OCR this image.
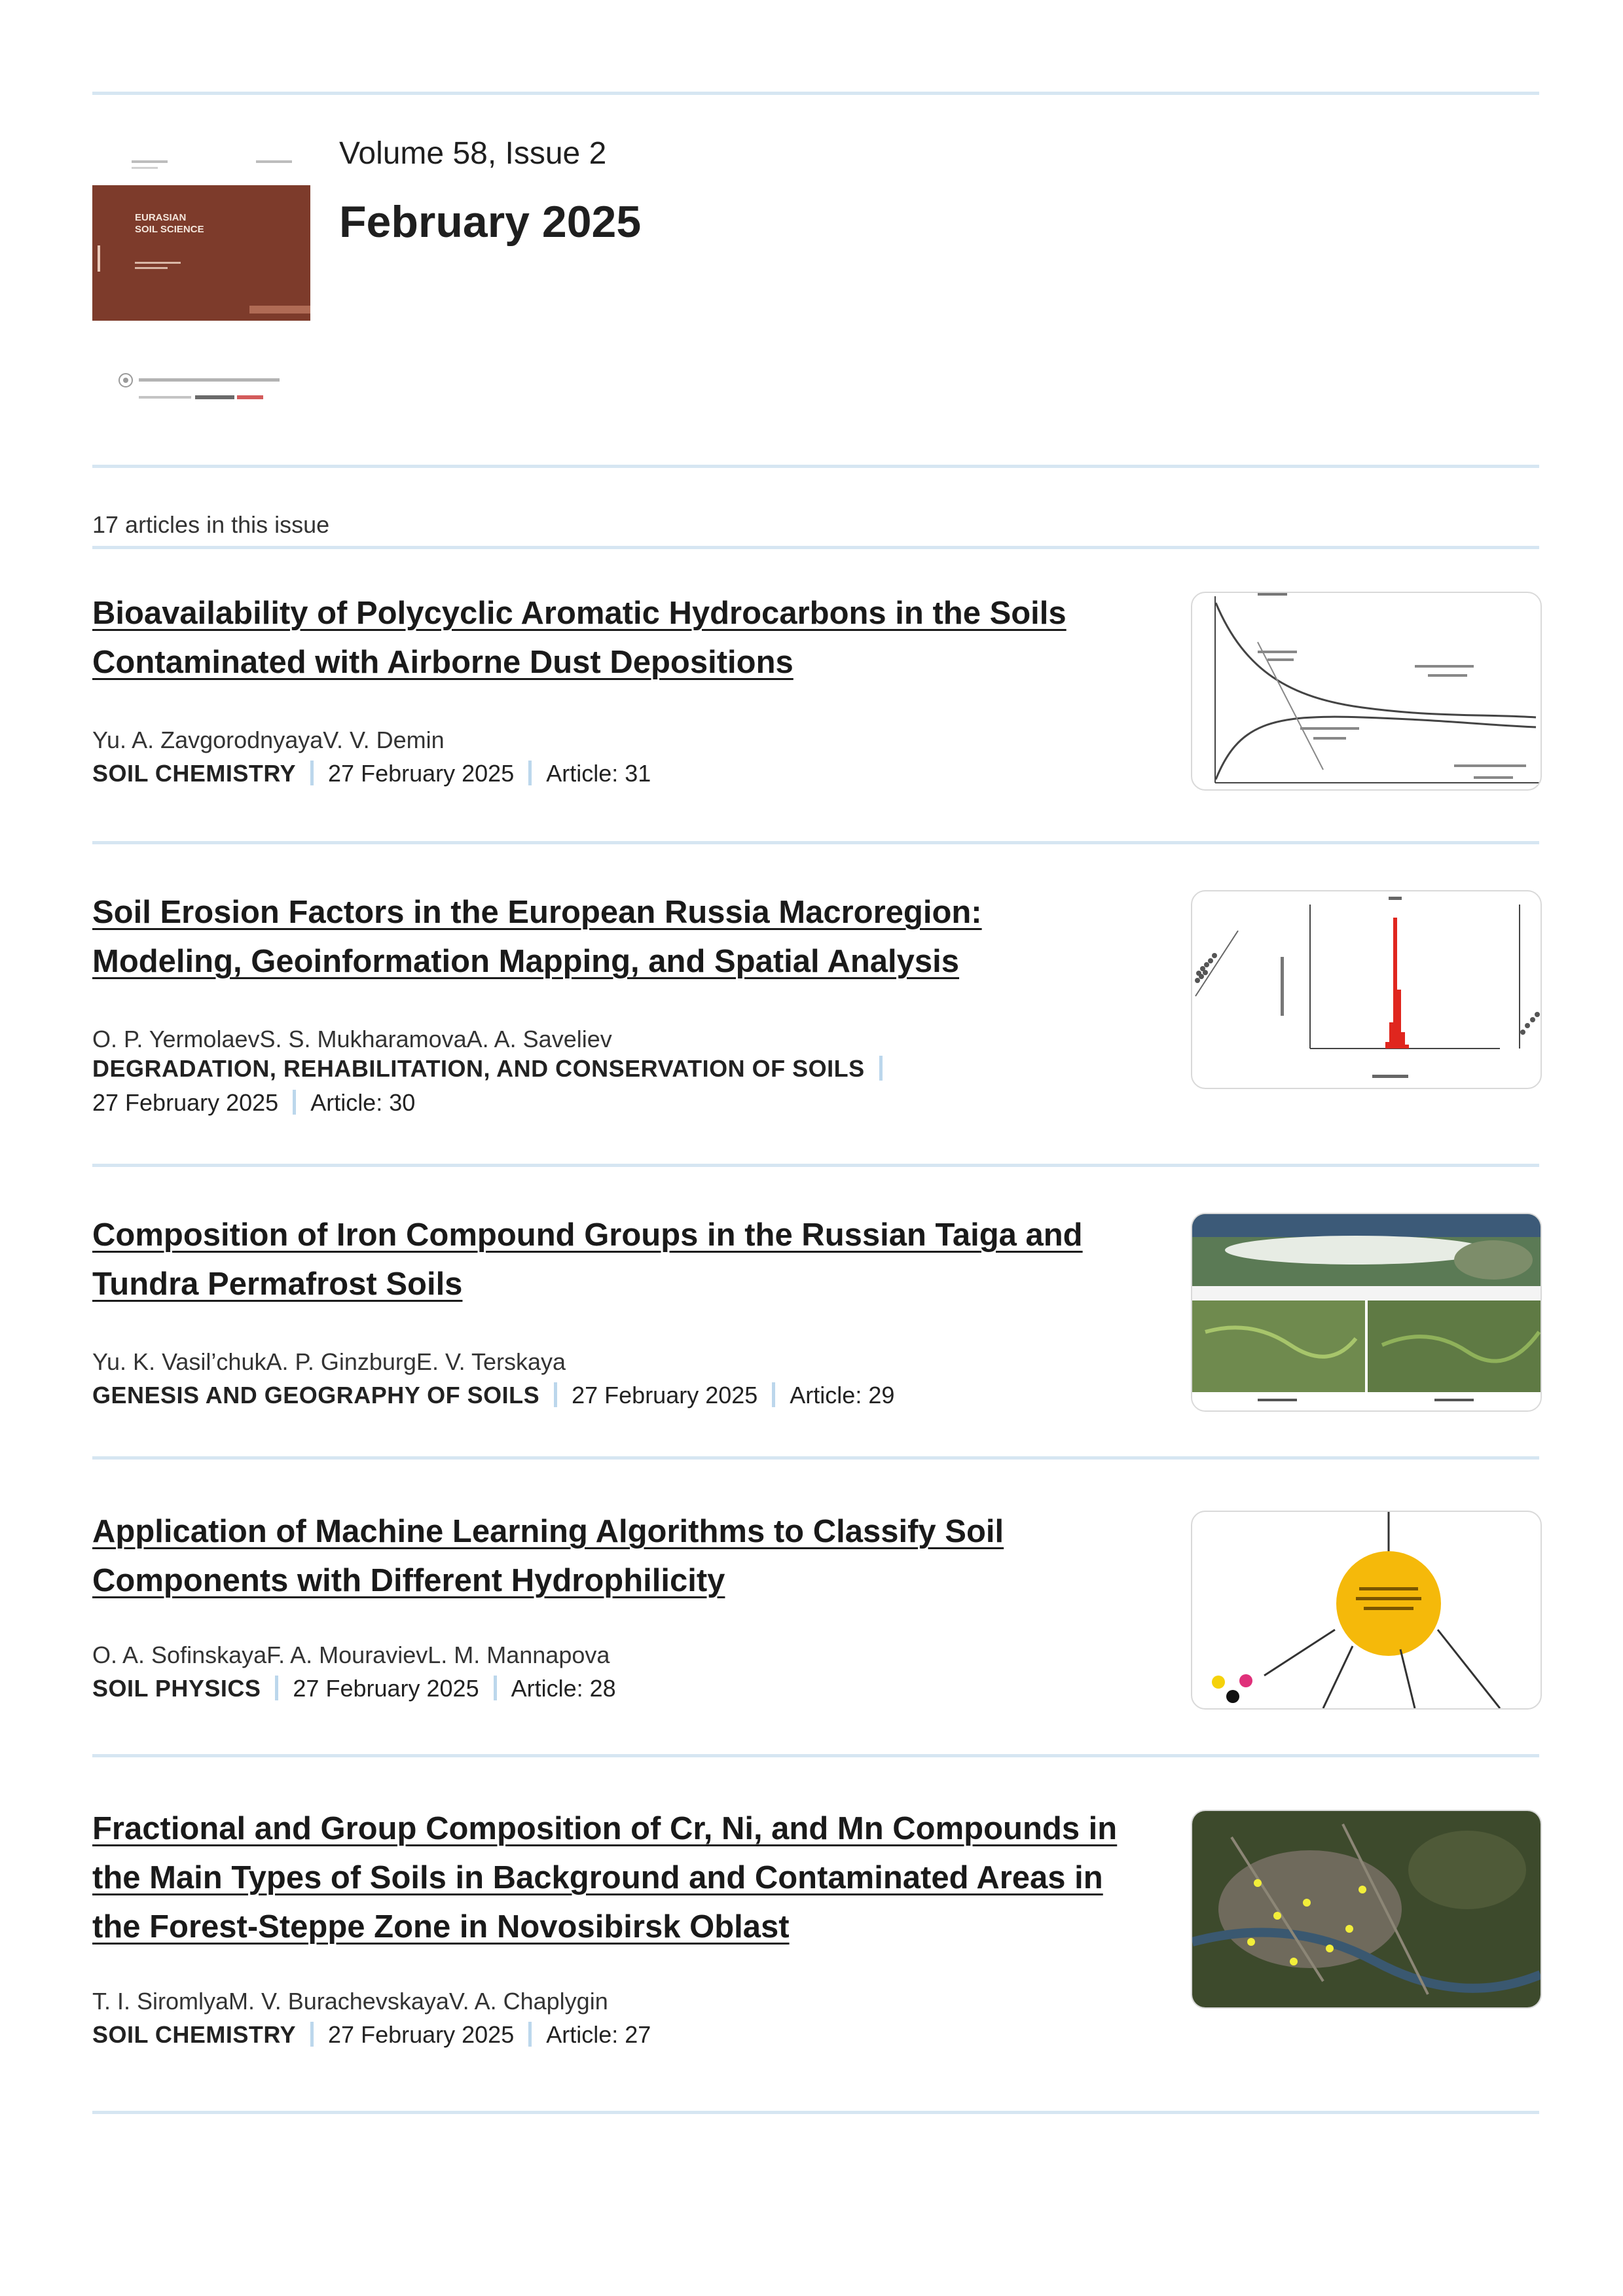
EURASIAN
SOIL SCIENCE
Volume 58, Issue 2
February 2025
17 articles in this issue
Bioavailability of Polycyclic Aromatic Hydrocarbons in the Soils
Contaminated with Airborne Dust Depositions
Yu. A. ZavgorodnyayaV. V. Demin
SOIL CHEMISTRY 27 February 2025 Article: 31
Soil Erosion Factors in the European Russia Macroregion:
Modeling, Geoinformation Mapping, and Spatial Analysis
O. P. YermolaevS. S. MukharamovaA. A. Saveliev
DEGRADATION, REHABILITATION, AND CONSERVATION OF SOILS
27 February 2025 Article: 30
Composition of Iron Compound Groups in the Russian Taiga and
Tundra Permafrost Soils
Yu. K. Vasil’chukA. P. GinzburgE. V. Terskaya
GENESIS AND GEOGRAPHY OF SOILS 27 February 2025 Article: 29
Application of Machine Learning Algorithms to Classify Soil
Components with Different Hydrophilicity
O. A. SofinskayaF. A. MouravievL. M. Mannapova
SOIL PHYSICS 27 February 2025 Article: 28
Fractional and Group Composition of Cr, Ni, and Mn Compounds in
the Main Types of Soils in Background and Contaminated Areas in
the Forest-Steppe Zone in Novosibirsk Oblast
T. I. SiromlyaM. V. BurachevskayaV. A. Chaplygin
SOIL CHEMISTRY 27 February 2025 Article: 27
